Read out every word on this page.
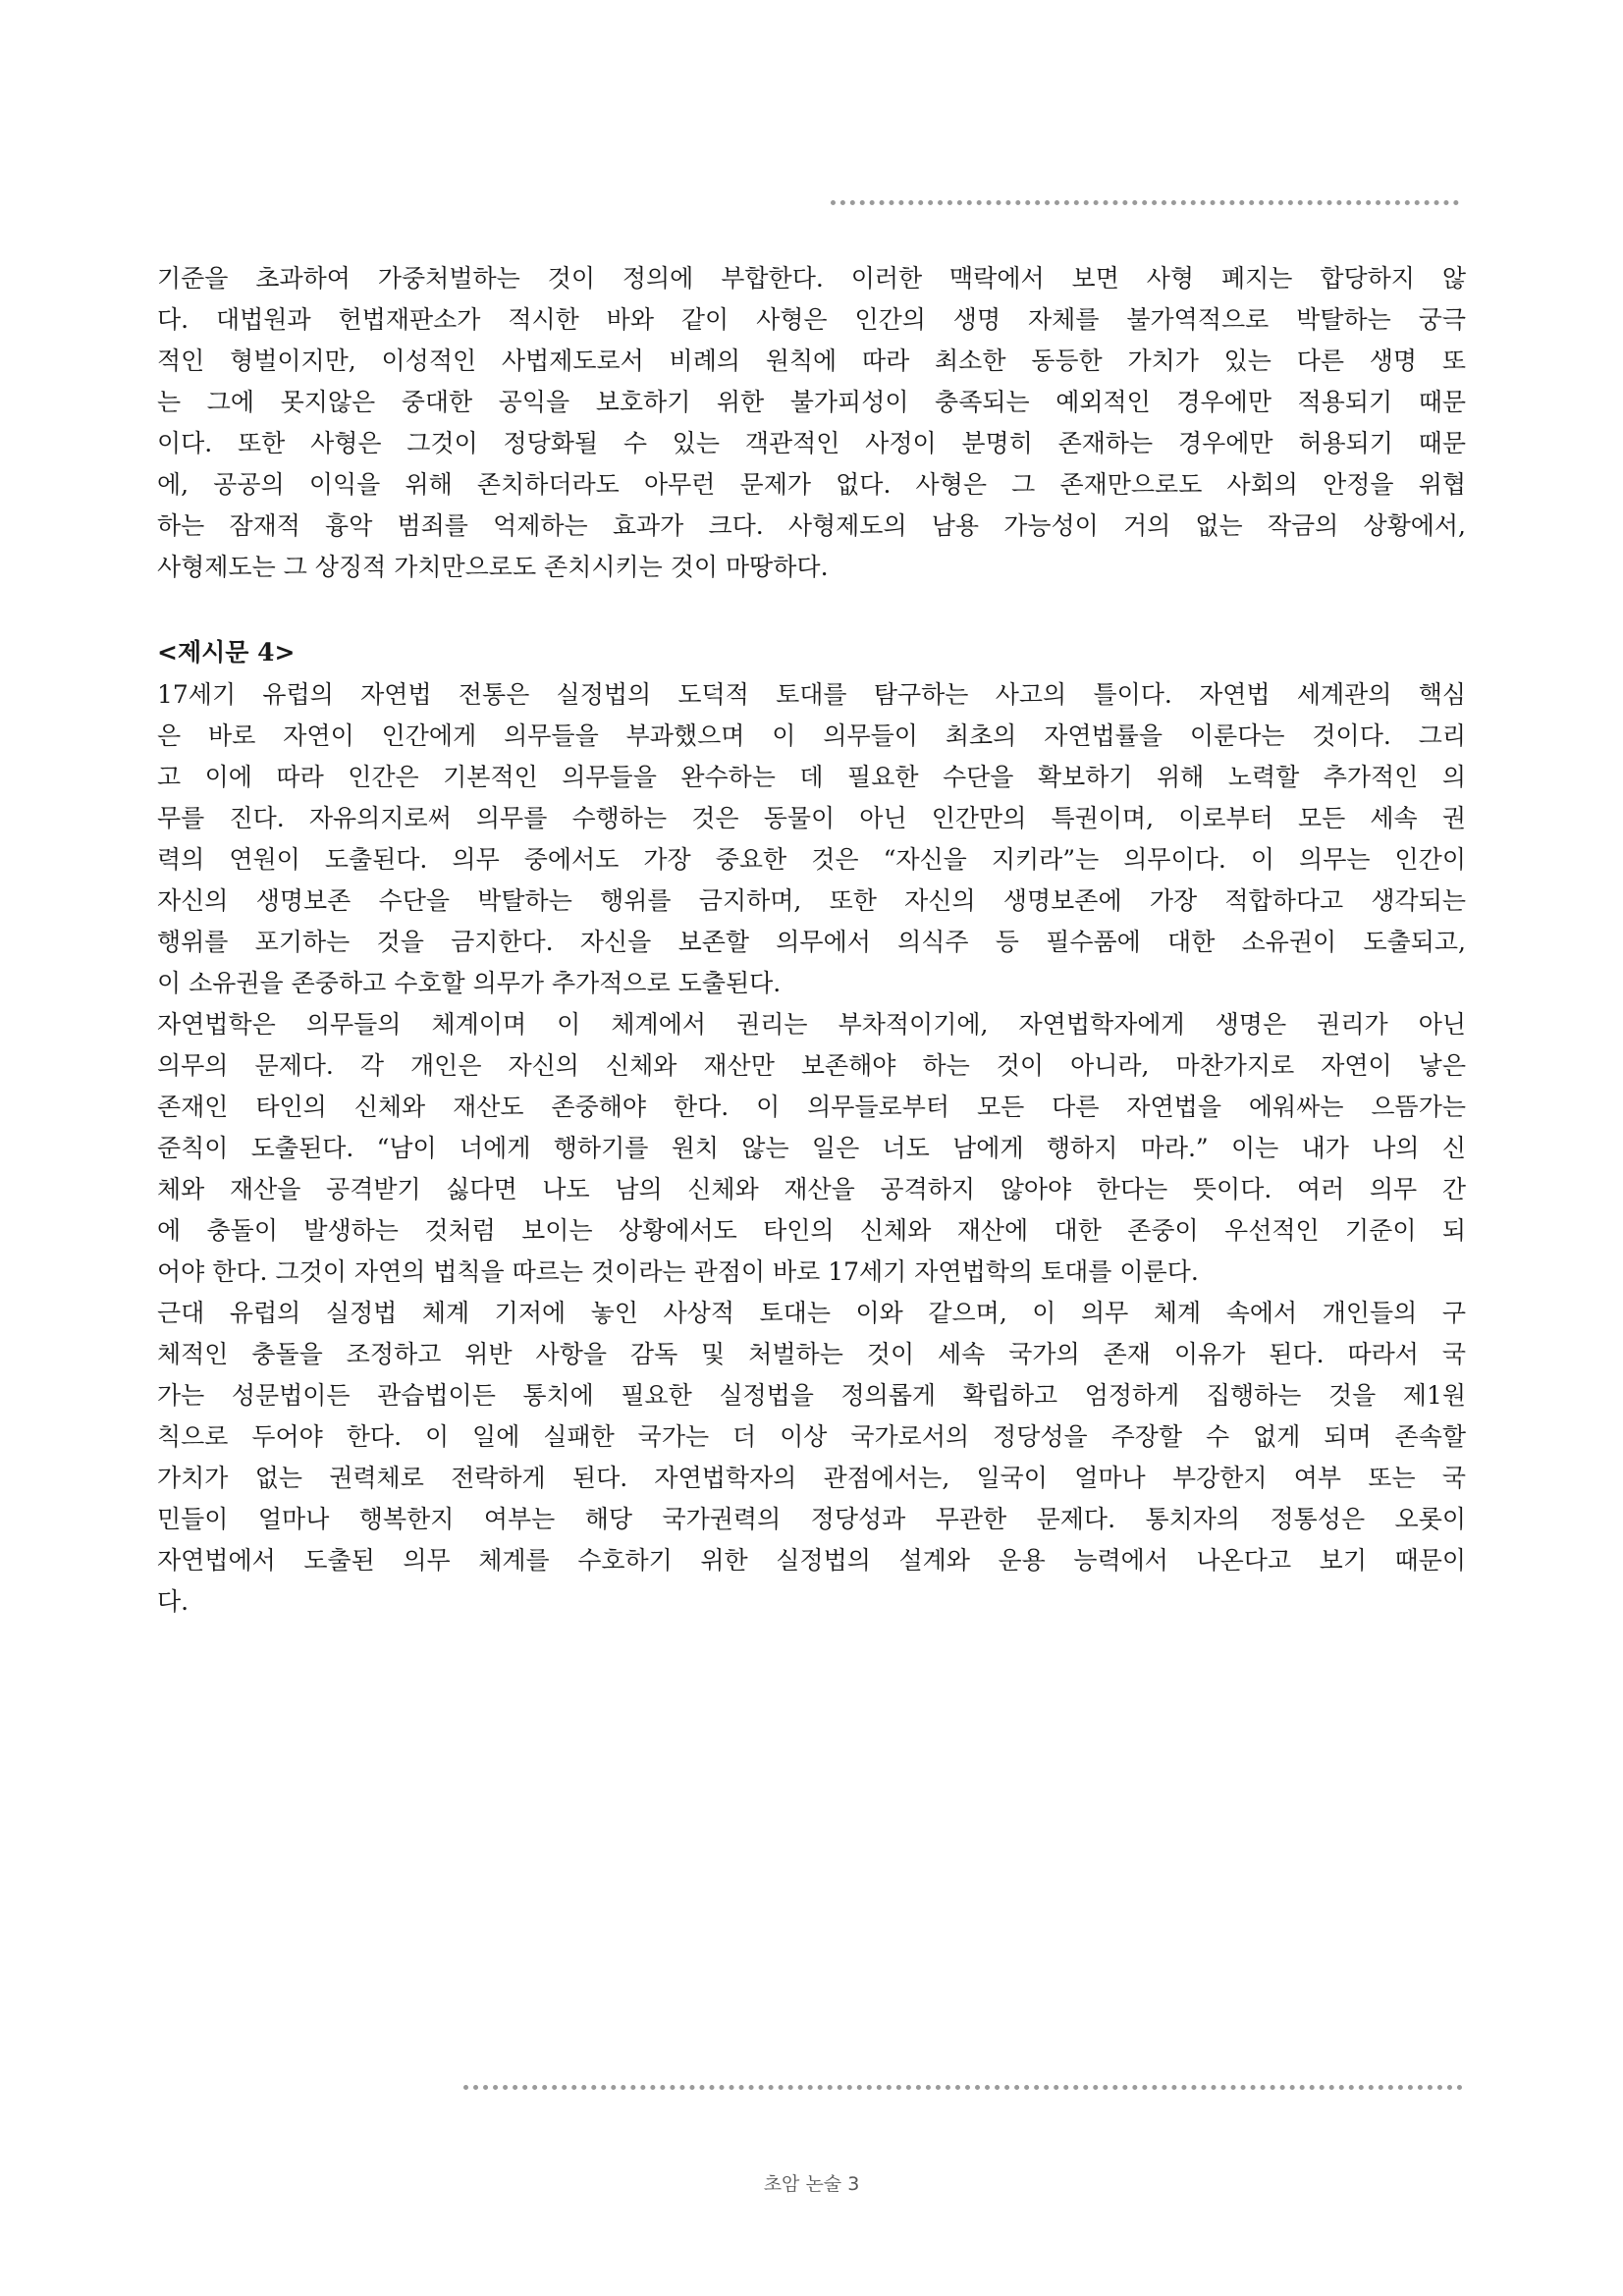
기준을 초과하여 가중처벌하는 것이 정의에 부합한다. 이러한 맥락에서 보면 사형 폐지는 합당하지 않
다. 대법원과 헌법재판소가 적시한 바와 같이 사형은 인간의 생명 자체를 불가역적으로 박탈하는 궁극
적인 형벌이지만, 이성적인 사법제도로서 비례의 원칙에 따라 최소한 동등한 가치가 있는 다른 생명 또
는 그에 못지않은 중대한 공익을 보호하기 위한 불가피성이 충족되는 예외적인 경우에만 적용되기 때문
이다. 또한 사형은 그것이 정당화될 수 있는 객관적인 사정이 분명히 존재하는 경우에만 허용되기 때문
에, 공공의 이익을 위해 존치하더라도 아무런 문제가 없다. 사형은 그 존재만으로도 사회의 안정을 위협
하는 잠재적 흉악 범죄를 억제하는 효과가 크다. 사형제도의 남용 가능성이 거의 없는 작금의 상황에서,
사형제도는 그 상징적 가치만으로도 존치시키는 것이 마땅하다.
<제시문 4>
17세기 유럽의 자연법 전통은 실정법의 도덕적 토대를 탐구하는 사고의 틀이다. 자연법 세계관의 핵심
은 바로 자연이 인간에게 의무들을 부과했으며 이 의무들이 최초의 자연법률을 이룬다는 것이다. 그리
고 이에 따라 인간은 기본적인 의무들을 완수하는 데 필요한 수단을 확보하기 위해 노력할 추가적인 의
무를 진다. 자유의지로써 의무를 수행하는 것은 동물이 아닌 인간만의 특권이며, 이로부터 모든 세속 권
력의 연원이 도출된다. 의무 중에서도 가장 중요한 것은 “자신을 지키라”는 의무이다. 이 의무는 인간이
자신의 생명보존 수단을 박탈하는 행위를 금지하며, 또한 자신의 생명보존에 가장 적합하다고 생각되는
행위를 포기하는 것을 금지한다. 자신을 보존할 의무에서 의식주 등 필수품에 대한 소유권이 도출되고,
이 소유권을 존중하고 수호할 의무가 추가적으로 도출된다.
자연법학은 의무들의 체계이며 이 체계에서 권리는 부차적이기에, 자연법학자에게 생명은 권리가 아닌
의무의 문제다. 각 개인은 자신의 신체와 재산만 보존해야 하는 것이 아니라, 마찬가지로 자연이 낳은
존재인 타인의 신체와 재산도 존중해야 한다. 이 의무들로부터 모든 다른 자연법을 에워싸는 으뜸가는
준칙이 도출된다. “남이 너에게 행하기를 원치 않는 일은 너도 남에게 행하지 마라.” 이는 내가 나의 신
체와 재산을 공격받기 싫다면 나도 남의 신체와 재산을 공격하지 않아야 한다는 뜻이다. 여러 의무 간
에 충돌이 발생하는 것처럼 보이는 상황에서도 타인의 신체와 재산에 대한 존중이 우선적인 기준이 되
어야 한다. 그것이 자연의 법칙을 따르는 것이라는 관점이 바로 17세기 자연법학의 토대를 이룬다.
근대 유럽의 실정법 체계 기저에 놓인 사상적 토대는 이와 같으며, 이 의무 체계 속에서 개인들의 구
체적인 충돌을 조정하고 위반 사항을 감독 및 처벌하는 것이 세속 국가의 존재 이유가 된다. 따라서 국
가는 성문법이든 관습법이든 통치에 필요한 실정법을 정의롭게 확립하고 엄정하게 집행하는 것을 제1원
칙으로 두어야 한다. 이 일에 실패한 국가는 더 이상 국가로서의 정당성을 주장할 수 없게 되며 존속할
가치가 없는 권력체로 전락하게 된다. 자연법학자의 관점에서는, 일국이 얼마나 부강한지 여부 또는 국
민들이 얼마나 행복한지 여부는 해당 국가권력의 정당성과 무관한 문제다. 통치자의 정통성은 오롯이
자연법에서 도출된 의무 체계를 수호하기 위한 실정법의 설계와 운용 능력에서 나온다고 보기 때문이
다.
초암 논술 3
